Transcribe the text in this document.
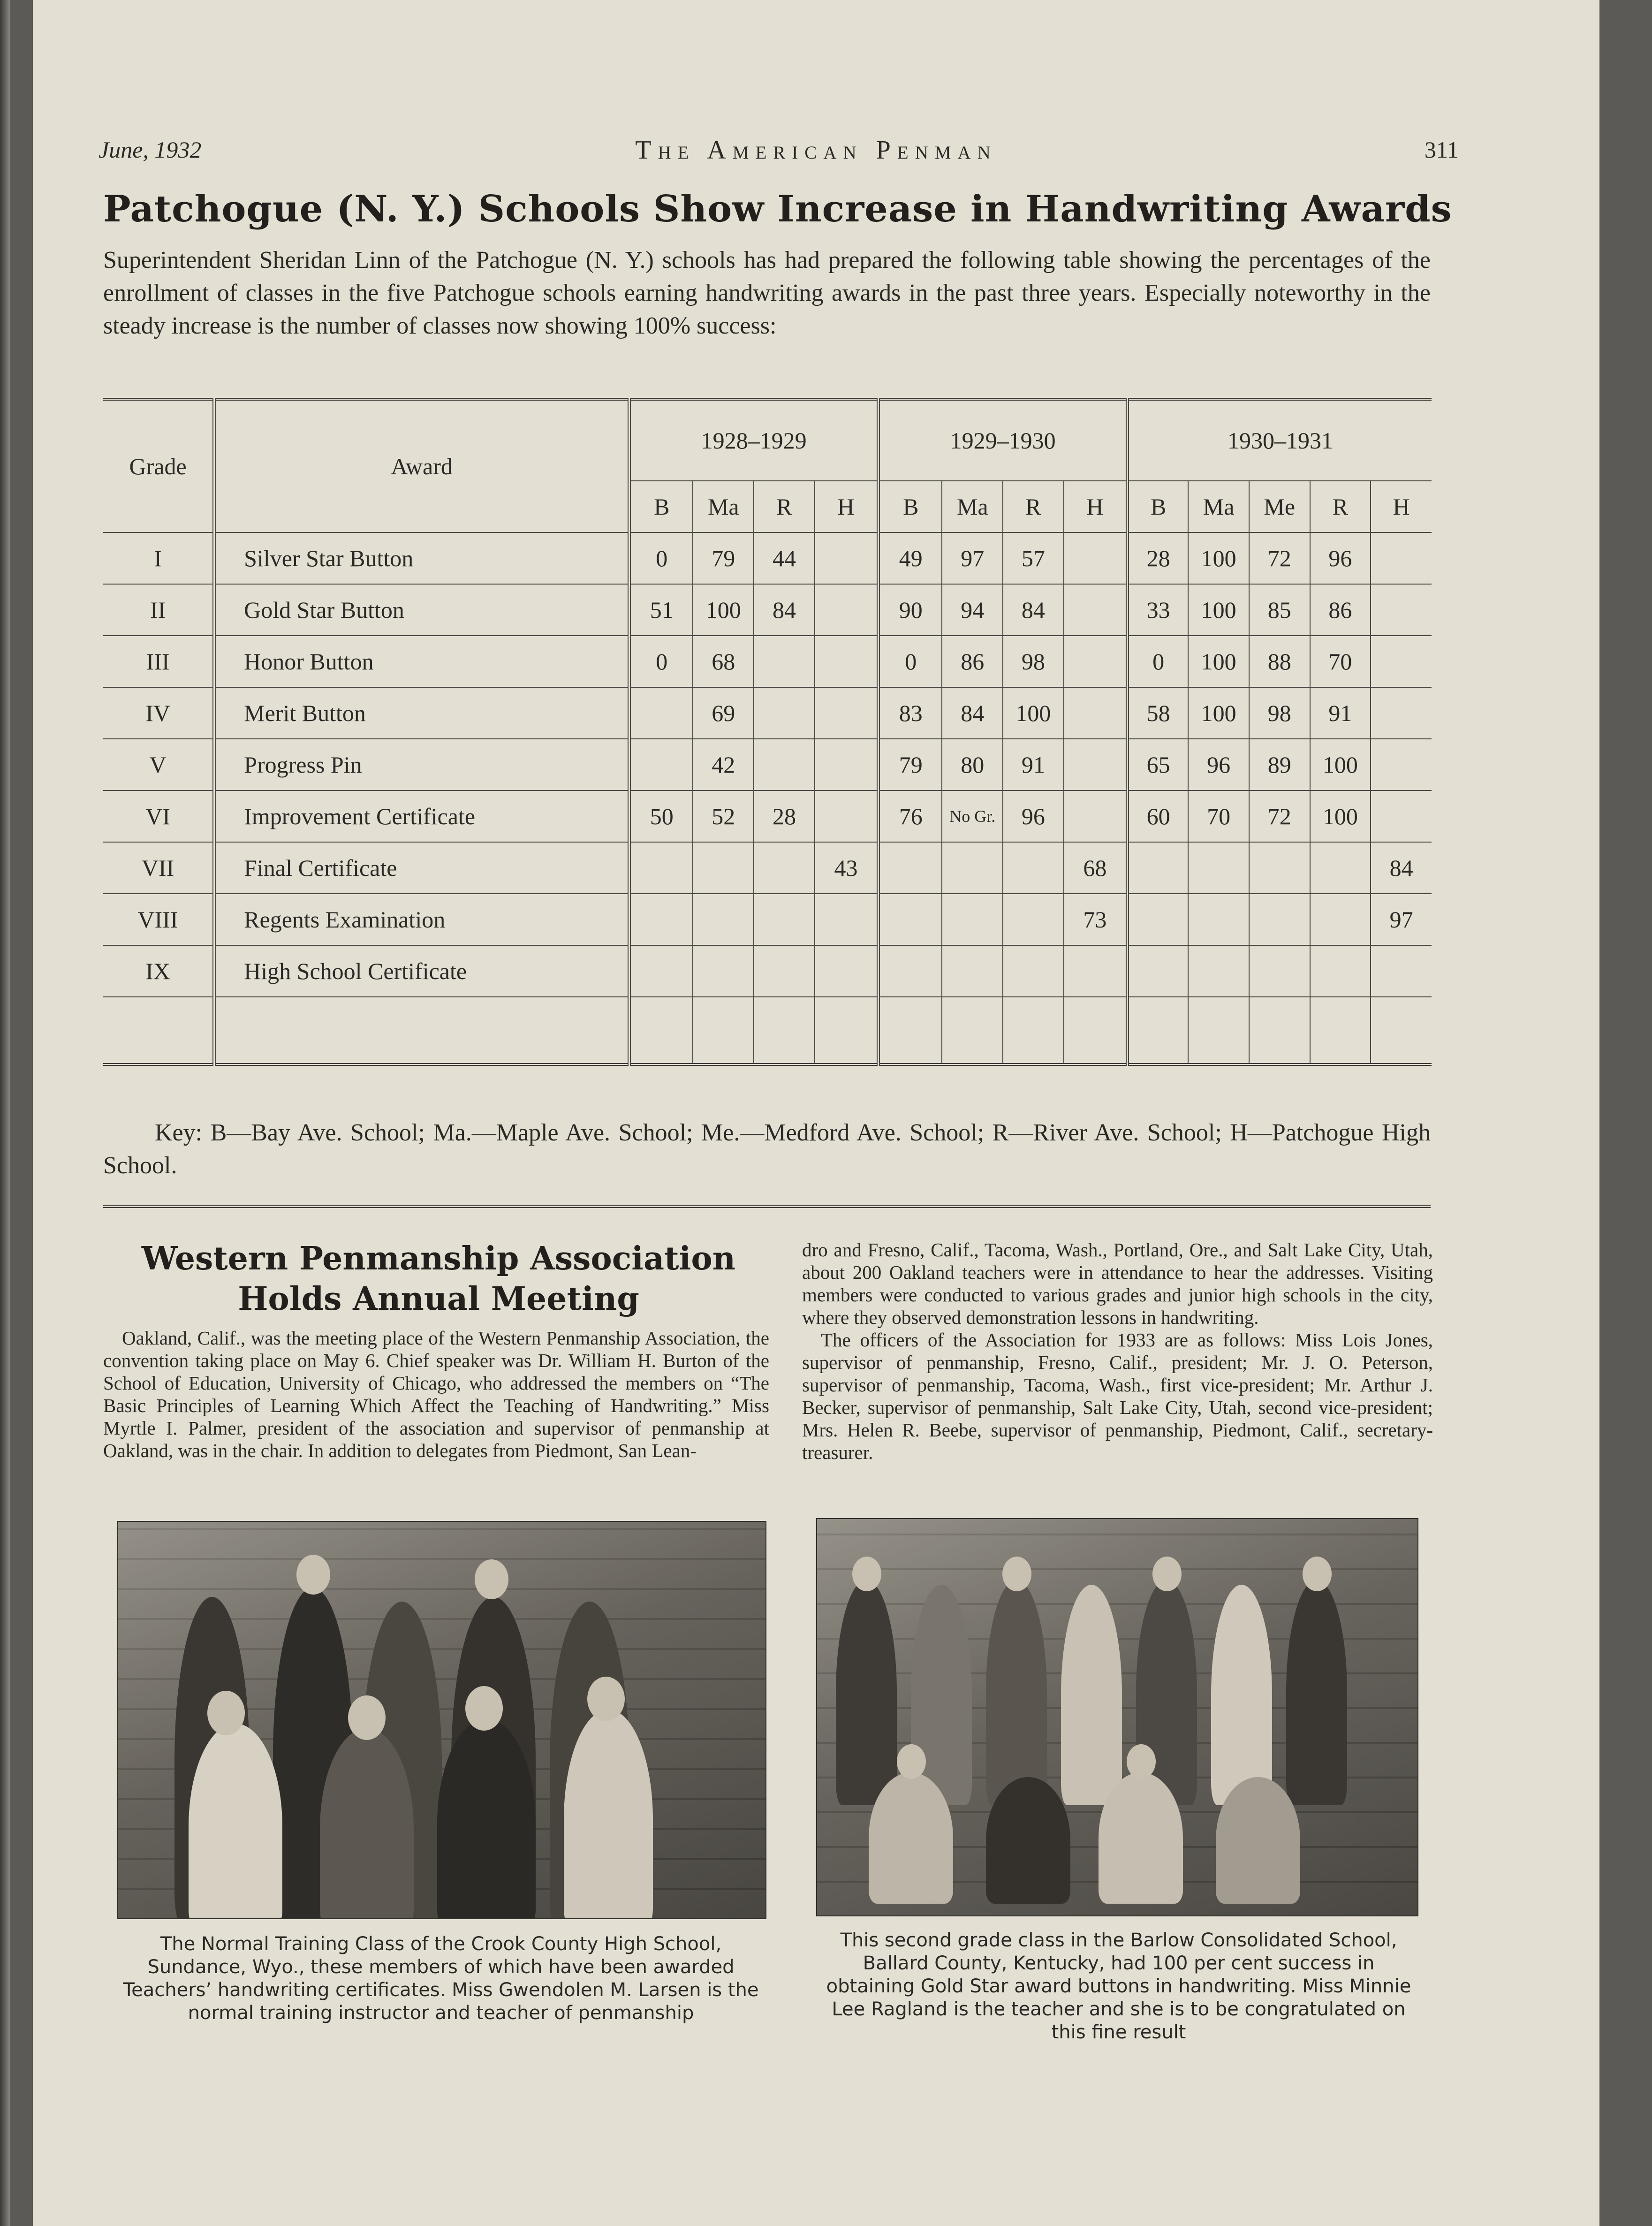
June, 1932	The American Penman	311
Patchogue (N. Y.) Schools Show Increase in Handwriting Awards

Superintendent Sheridan Linn of the Patchogue (N. Y.) schools has had prepared the following table showing the percentages of the enrollment of classes in the five Patchogue schools earning handwriting awards in the past three years. Especially noteworthy in the steady increase is the number of classes now showing 100% success:

Grade	Award	1928–1929				1929–1930				1930–1931				
		B	Ma	R	H	B	Ma	R	H	B	Ma	Me	R	H
I	Silver Star Button	0	79	44		49	97	57		28	100	72	96	
II	Gold Star Button	51	100	84		90	94	84		33	100	85	86	
III	Honor Button	0	68			0	86	98		0	100	88	70	
IV	Merit Button		69			83	84	100		58	100	98	91	
V	Progress Pin		42			79	80	91		65	96	89	100	
VI	Improvement Certificate	50	52	28		76	No Gr.	96		60	70	72	100	
VII	Final Certificate				43				68					84
VIII	Regents Examination								73					97
IX	High School Certificate													

Key: B—Bay Ave. School; Ma.—Maple Ave. School; Me.—Medford Ave. School; R—River Ave. School; H—Patchogue High School.

Western Penmanship Association Holds Annual Meeting

Oakland, Calif., was the meeting place of the Western Penmanship Association, the convention taking place on May 6. Chief speaker was Dr. William H. Burton of the School of Education, University of Chicago, who addressed the members on “The Basic Principles of Learning Which Affect the Teaching of Handwriting.” Miss Myrtle I. Palmer, president of the association and supervisor of penmanship at Oakland, was in the chair. In addition to delegates from Piedmont, San Lean-

dro and Fresno, Calif., Tacoma, Wash., Portland, Ore., and Salt Lake City, Utah, about 200 Oakland teachers were in attendance to hear the addresses. Visiting members were conducted to various grades and junior high schools in the city, where they observed demonstration lessons in handwriting.

The officers of the Association for 1933 are as follows: Miss Lois Jones, supervisor of penmanship, Fresno, Calif., president; Mr. J. O. Peterson, supervisor of penmanship, Tacoma, Wash., first vice-president; Mr. Arthur J. Becker, supervisor of penmanship, Salt Lake City, Utah, second vice-president; Mrs. Helen R. Beebe, supervisor of penmanship, Piedmont, Calif., secretary-treasurer.

The Normal Training Class of the Crook County High School, Sundance, Wyo., these members of which have been awarded Teachers’ handwriting certificates. Miss Gwendolen M. Larsen is the normal training instructor and teacher of penmanship

This second grade class in the Barlow Consolidated School, Ballard County, Kentucky, had 100 per cent success in obtaining Gold Star award buttons in handwriting. Miss Minnie Lee Ragland is the teacher and she is to be congratulated on this fine result
